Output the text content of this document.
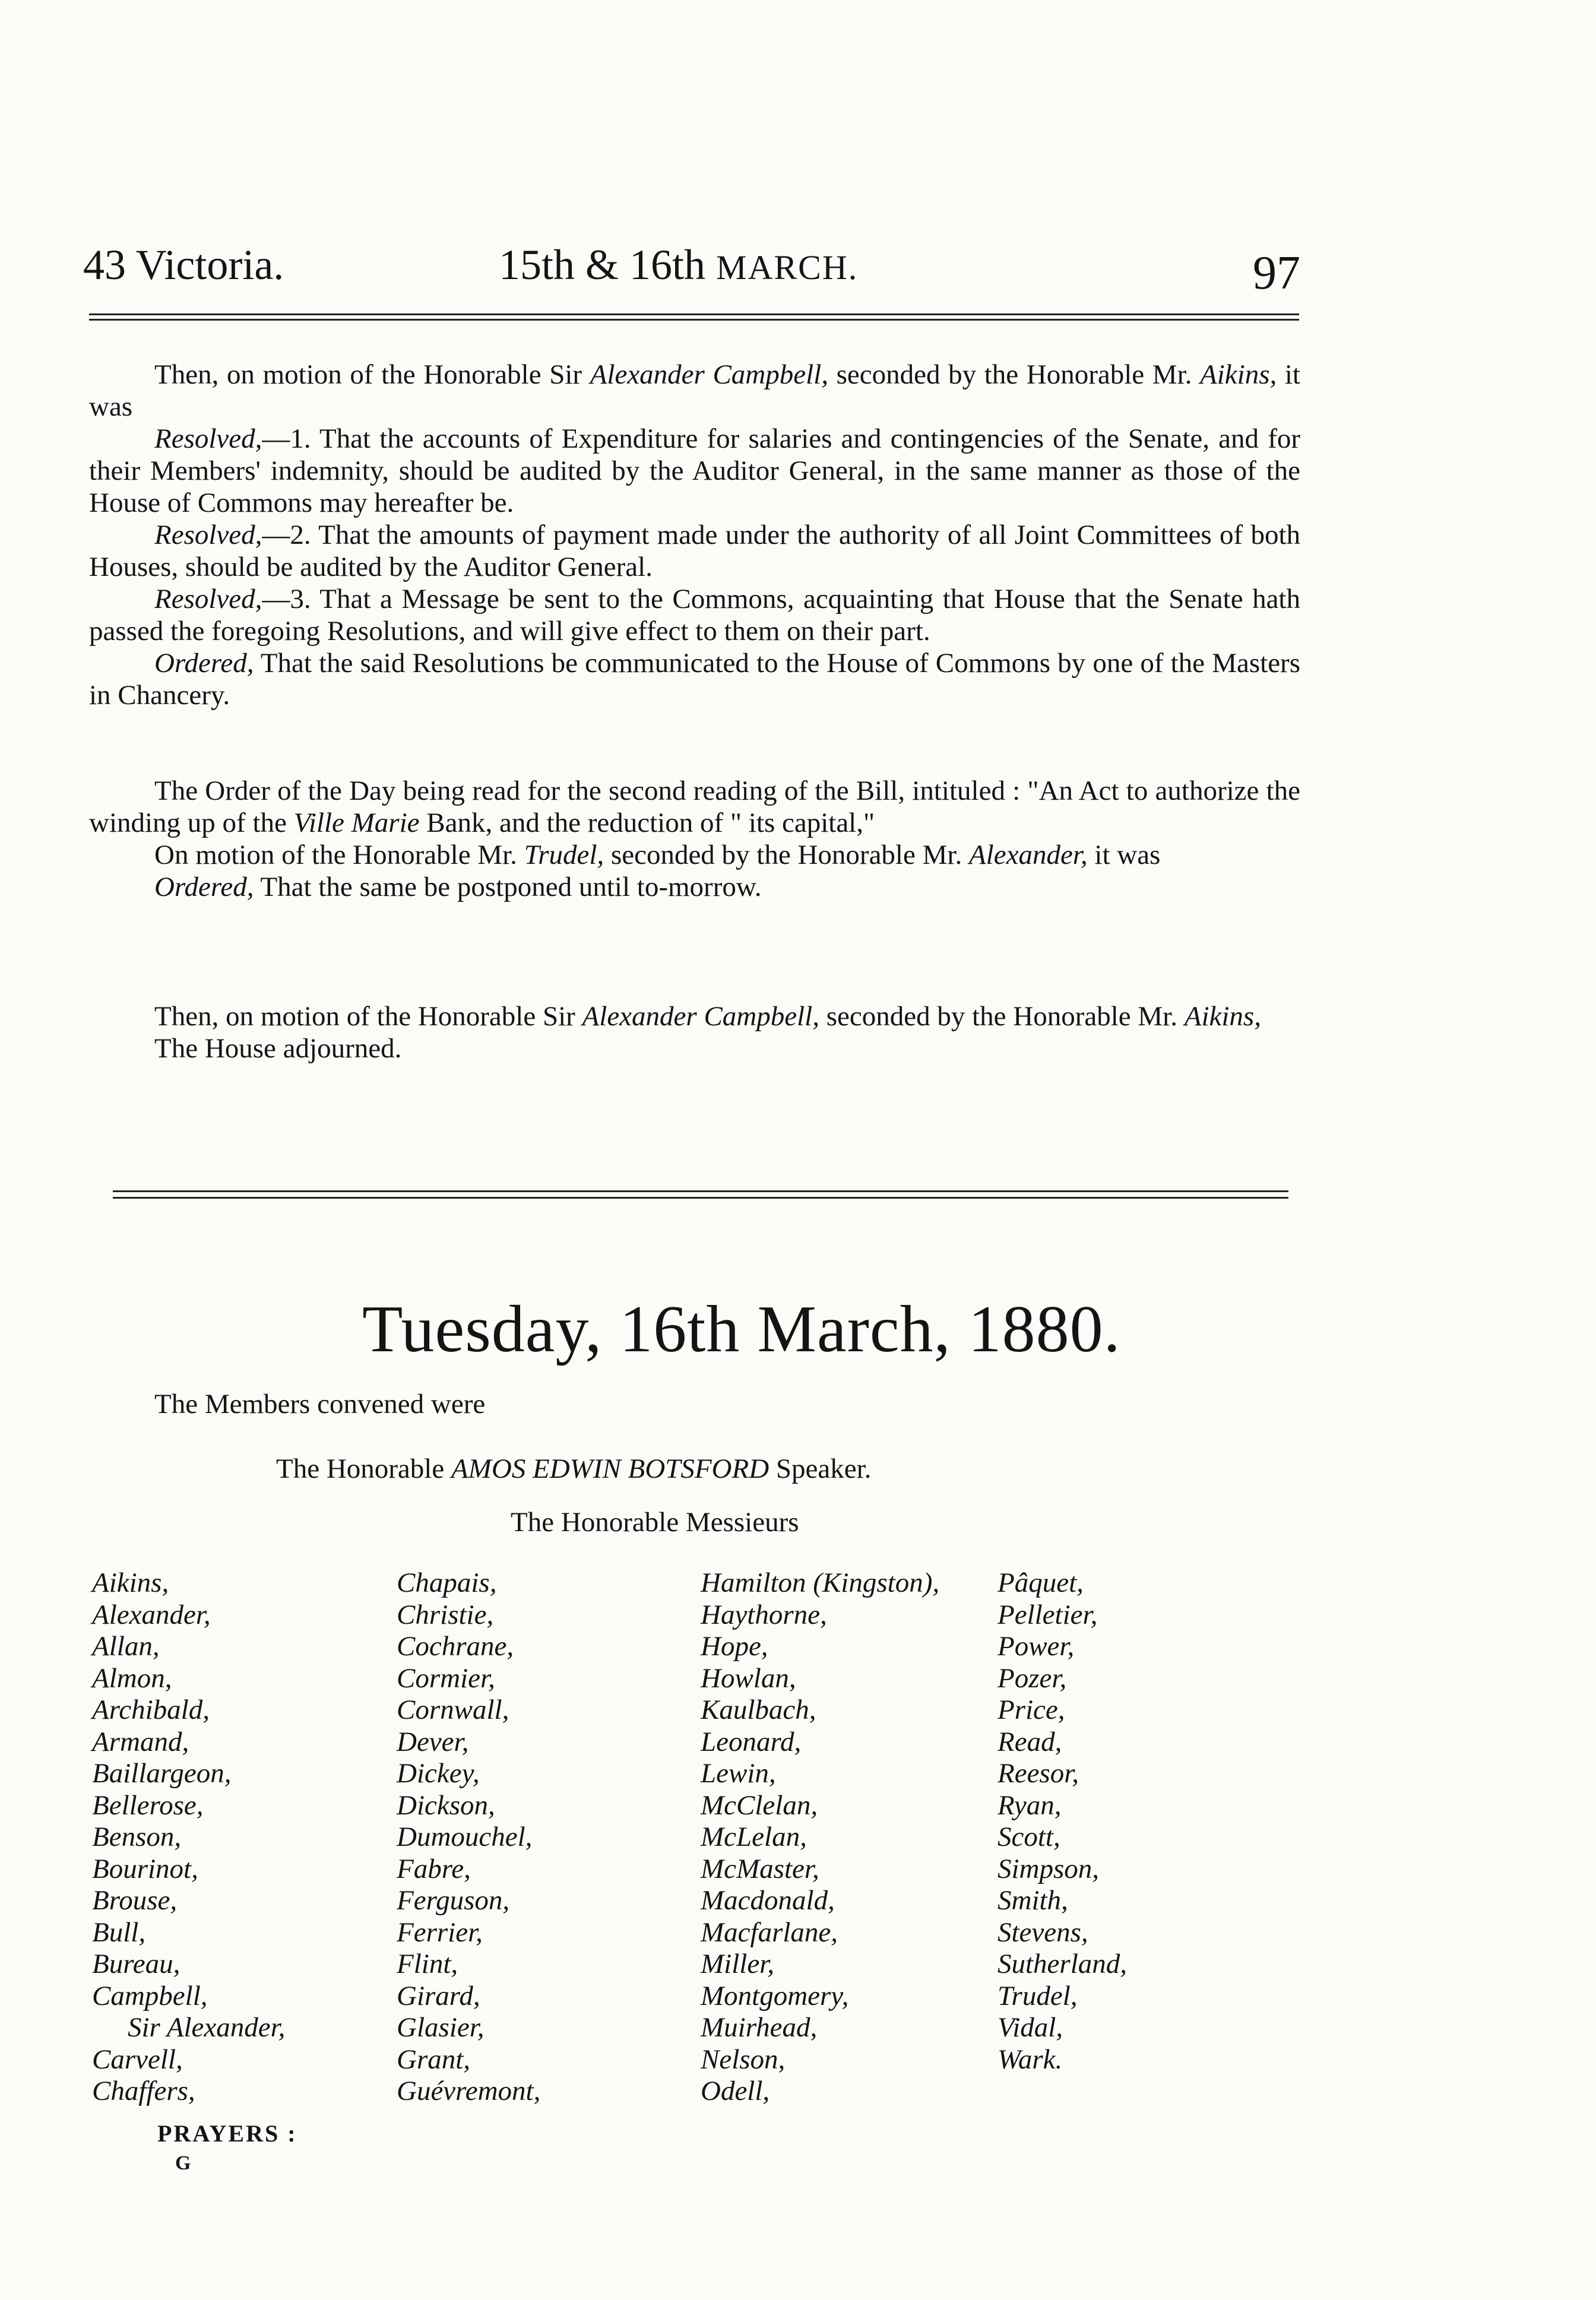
43 Victoria.	15th & 16th MARCH.	97

Then, on motion of the Honorable Sir Alexander Campbell, seconded by the Honorable Mr. Aikins, it was

Resolved,—1. That the accounts of Expenditure for salaries and contingencies of the Senate, and for their Members' indemnity, should be audited by the Auditor General, in the same manner as those of the House of Commons may hereafter be.

Resolved,—2. That the amounts of payment made under the authority of all Joint Committees of both Houses, should be audited by the Auditor General.

Resolved,—3. That a Message be sent to the Commons, acquainting that House that the Senate hath passed the foregoing Resolutions, and will give effect to them on their part.

Ordered, That the said Resolutions be communicated to the House of Commons by one of the Masters in Chancery.

The Order of the Day being read for the second reading of the Bill, intituled : "An Act to authorize the winding up of the Ville Marie Bank, and the reduction of " its capital,"

On motion of the Honorable Mr. Trudel, seconded by the Honorable Mr. Alexander, it was

Ordered, That the same be postponed until to-morrow.

Then, on motion of the Honorable Sir Alexander Campbell, seconded by the Honorable Mr. Aikins,

The House adjourned.

Tuesday, 16th March, 1880.
The Members convened were
The Honorable AMOS EDWIN BOTSFORD Speaker.
The Honorable Messieurs
Aikins,
Alexander,
Allan,
Almon,
Archibald,
Armand,
Baillargeon,
Bellerose,
Benson,
Bourinot,
Brouse,
Bull,
Bureau,
Campbell,
Sir Alexander,
Carvell,
Chaffers,
Chapais,
Christie,
Cochrane,
Cormier,
Cornwall,
Dever,
Dickey,
Dickson,
Dumouchel,
Fabre,
Ferguson,
Ferrier,
Flint,
Girard,
Glasier,
Grant,
Guévremont,
Hamilton (Kingston),
Haythorne,
Hope,
Howlan,
Kaulbach,
Leonard,
Lewin,
McClelan,
McLelan,
McMaster,
Macdonald,
Macfarlane,
Miller,
Montgomery,
Muirhead,
Nelson,
Odell,
Pâquet,
Pelletier,
Power,
Pozer,
Price,
Read,
Reesor,
Ryan,
Scott,
Simpson,
Smith,
Stevens,
Sutherland,
Trudel,
Vidal,
Wark.
PRAYERS :
G
